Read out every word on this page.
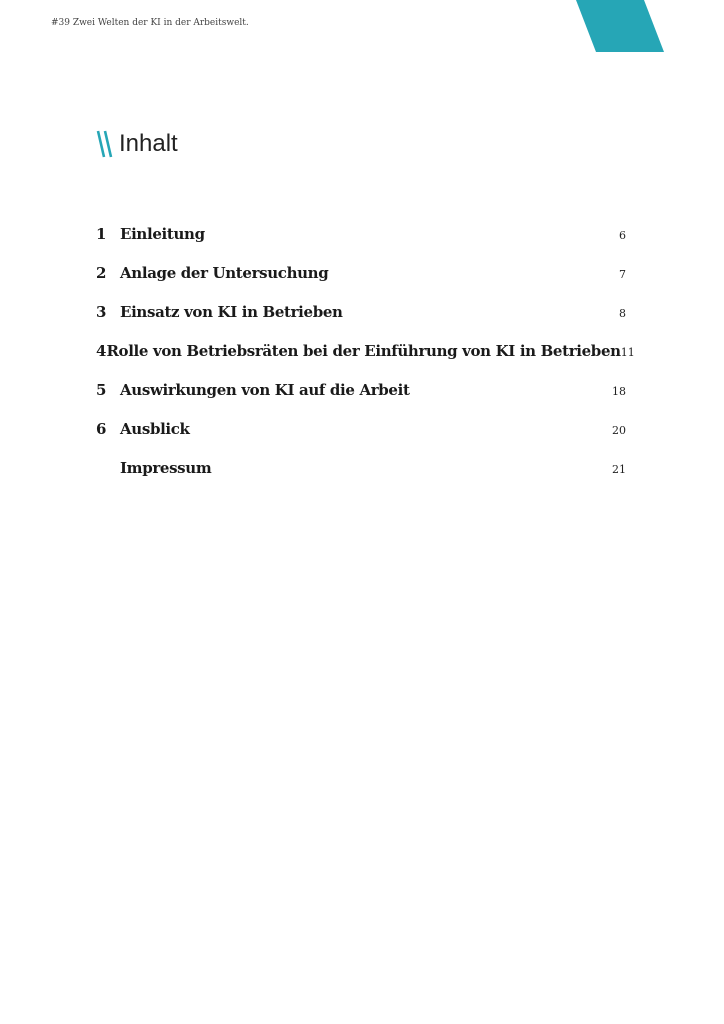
#39 Zwei Welten der KI in der Arbeitswelt.
Inhalt
1 Einleitung	6
2 Anlage der Untersuchung	7
3 Einsatz von KI in Betrieben	8
4 Rolle von Betriebsräten bei der Einführung von KI in Betrieben 11
5 Auswirkungen von KI auf die Arbeit	18
6 Ausblick	20
Impressum	21
